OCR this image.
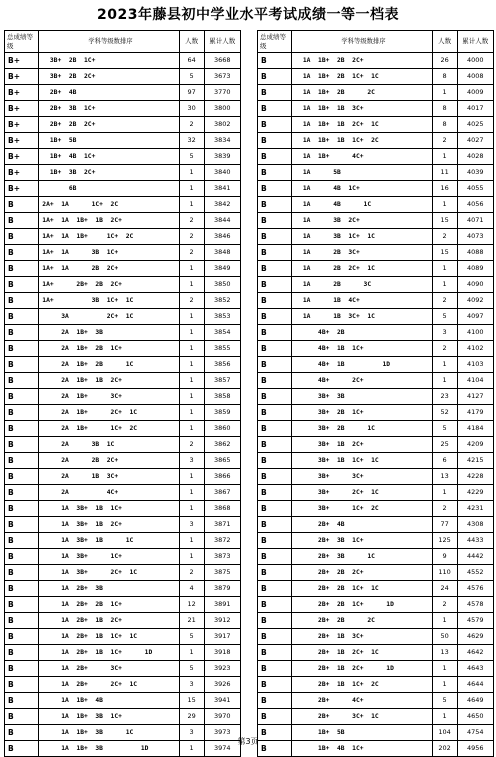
2023年藤县初中学业水平考试成绩一等一档表
总成绩等级	学科等级数排序	人数	累计人数
B+	3B+  2B  1C+	64	3668
B+	3B+  2B  2C+	5	3673
B+	2B+  4B	97	3770
B+	2B+  3B  1C+	30	3800
B+	2B+  2B  2C+	2	3802
B+	1B+  5B	32	3834
B+	1B+  4B  1C+	5	3839
B+	1B+  3B  2C+	1	3840
B+	6B	1	3841
B	2A+  1A      1C+  2C	1	3842
B	1A+  1A  1B+  1B  2C+	2	3844
B	1A+  1A  1B+     1C+  2C	2	3846
B	1A+  1A      3B  1C+	2	3848
B	1A+  1A      2B  2C+	1	3849
B	1A+      2B+  2B  2C+	1	3850
B	1A+          3B  1C+  1C	2	3852
B	3A          2C+  1C	1	3853
B	2A  1B+  3B	1	3854
B	2A  1B+  2B  1C+	1	3855
B	2A  1B+  2B      1C	1	3856
B	2A  1B+  1B  2C+	1	3857
B	2A  1B+      3C+	1	3858
B	2A  1B+      2C+  1C	1	3859
B	2A  1B+      1C+  2C	1	3860
B	2A      3B  1C	2	3862
B	2A      2B  2C+	3	3865
B	2A      1B  3C+	1	3866
B	2A          4C+	1	3867
B	1A  3B+  1B  1C+	1	3868
B	1A  3B+  1B  2C+	3	3871
B	1A  3B+  1B      1C	1	3872
B	1A  3B+      1C+	1	3873
B	1A  3B+      2C+  1C	2	3875
B	1A  2B+  3B	4	3879
B	1A  2B+  2B  1C+	12	3891
B	1A  2B+  1B  2C+	21	3912
B	1A  2B+  1B  1C+  1C	5	3917
B	1A  2B+  1B  1C+      1D	1	3918
B	1A  2B+      3C+	5	3923
B	1A  2B+      2C+  1C	3	3926
B	1A  1B+  4B	15	3941
B	1A  1B+  3B  1C+	29	3970
B	1A  1B+  3B      1C	3	3973
B	1A  1B+  3B          1D	1	3974
总成绩等级	学科等级数排序	人数	累计人数
B	1A  1B+  2B  2C+	26	4000
B	1A  1B+  2B  1C+  1C	8	4008
B	1A  1B+  2B      2C	1	4009
B	1A  1B+  1B  3C+	8	4017
B	1A  1B+  1B  2C+  1C	8	4025
B	1A  1B+  1B  1C+  2C	2	4027
B	1A  1B+      4C+	1	4028
B	1A      5B	11	4039
B	1A      4B  1C+	16	4055
B	1A      4B      1C	1	4056
B	1A      3B  2C+	15	4071
B	1A      3B  1C+  1C	2	4073
B	1A      2B  3C+	15	4088
B	1A      2B  2C+  1C	1	4089
B	1A      2B      3C	1	4090
B	1A      1B  4C+	2	4092
B	1A      1B  3C+  1C	5	4097
B	4B+  2B	3	4100
B	4B+  1B  1C+	2	4102
B	4B+  1B          1D	1	4103
B	4B+      2C+	1	4104
B	3B+  3B	23	4127
B	3B+  2B  1C+	52	4179
B	3B+  2B      1C	5	4184
B	3B+  1B  2C+	25	4209
B	3B+  1B  1C+  1C	6	4215
B	3B+      3C+	13	4228
B	3B+      2C+  1C	1	4229
B	3B+      1C+  2C	2	4231
B	2B+  4B	77	4308
B	2B+  3B  1C+	125	4433
B	2B+  3B      1C	9	4442
B	2B+  2B  2C+	110	4552
B	2B+  2B  1C+  1C	24	4576
B	2B+  2B  1C+      1D	2	4578
B	2B+  2B      2C	1	4579
B	2B+  1B  3C+	50	4629
B	2B+  1B  2C+  1C	13	4642
B	2B+  1B  2C+      1D	1	4643
B	2B+  1B  1C+  2C	1	4644
B	2B+      4C+	5	4649
B	2B+      3C+  1C	1	4650
B	1B+  5B	104	4754
B	1B+  4B  1C+	202	4956
第3页
